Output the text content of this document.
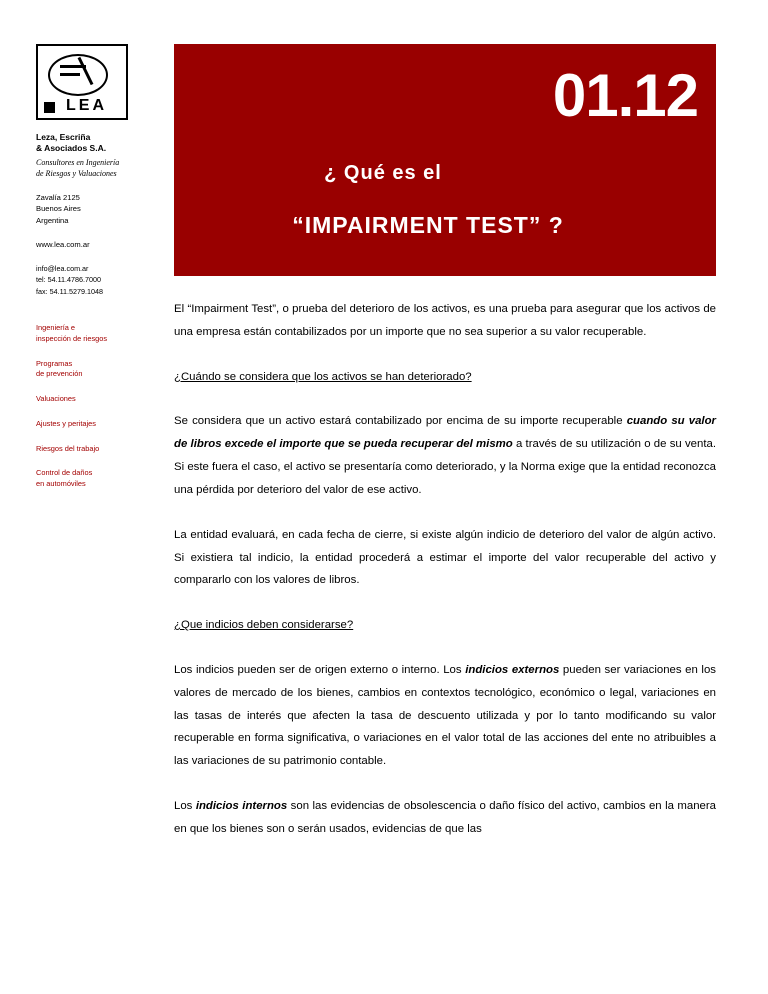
LEA
Leza, Escriña
& Asociados S.A.
Consultores en Ingeniería
de Riesgos y Valuaciones
Zavalía 2125
Buenos Aires
Argentina
www.lea.com.ar
info@lea.com.ar
tel: 54.11.4786.7000
fax: 54.11.5279.1048
Ingeniería e
inspección de riesgos
Programas
de prevención
Valuaciones
Ajustes y peritajes
Riesgos del trabajo
Control de daños
en automóviles
01.12
¿ Qué es el
“IMPAIRMENT TEST” ?

El “Impairment Test”, o prueba del deterioro de los activos, es una prueba para asegurar que los activos de una empresa están contabilizados por un importe que no sea superior a su valor recuperable.

¿Cuándo se considera que los activos se han deteriorado?

Se considera que un activo estará contabilizado por encima de su importe recuperable cuando su valor de libros excede el importe que se pueda recuperar del mismo a través de su utilización o de su venta. Si este fuera el caso, el activo se presentaría como deteriorado, y la Norma exige que la entidad reconozca una pérdida por deterioro del valor de ese activo.

La entidad evaluará, en cada fecha de cierre, si existe algún indicio de deterioro del valor de algún activo. Si existiera tal indicio, la entidad procederá a estimar el importe del valor recuperable del activo y compararlo con los valores de libros.

¿Que indicios deben considerarse?

Los indicios pueden ser de origen externo o interno. Los indicios externos pueden ser variaciones en los valores de mercado de los bienes, cambios en contextos tecnológico, económico o legal, variaciones en las tasas de interés que afecten la tasa de descuento utilizada y por lo tanto modificando su valor recuperable en forma significativa, o variaciones en el valor total de las acciones del ente no atribuibles a las variaciones de su patrimonio contable.

Los indicios internos son las evidencias de obsolescencia o daño físico del activo, cambios en la manera en que los bienes son o serán usados, evidencias de que las
